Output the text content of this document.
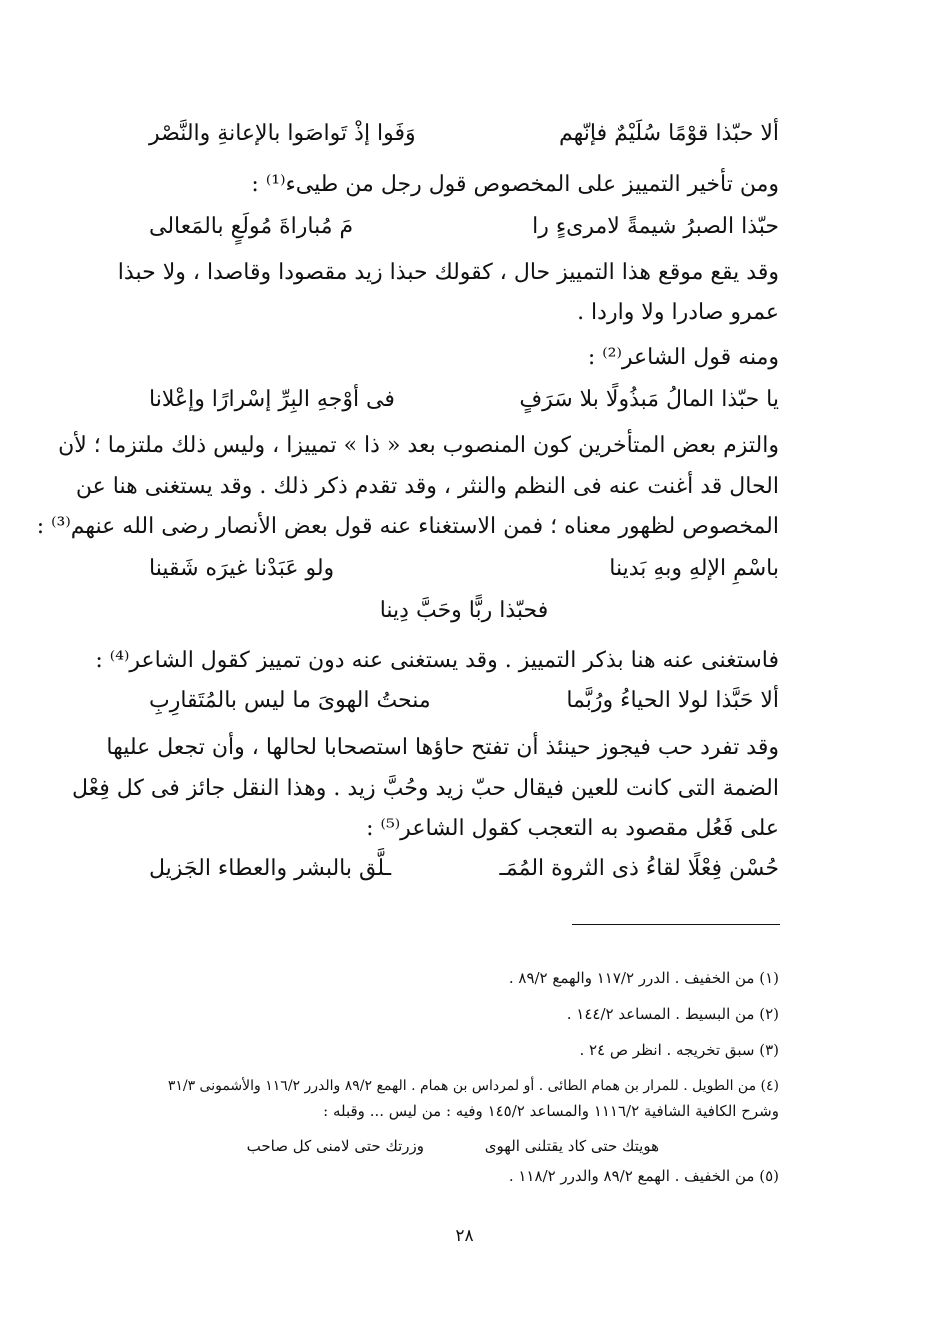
ألا حبّذا قوْمًا سُلَيْمٌ فإنّهم
وَفَوا إذْ تَواصَوا بالإعانةِ والنَّصْر
ومن تأخير التمييز على المخصوص قول رجل من طيىء⁽¹⁾ :
حبّذا الصبرُ شيمةً لامرىءٍ را
مَ مُباراةَ مُولَعٍ بالمَعالى
وقد يقع موقع هذا التمييز حال ، كقولك حبذا زيد مقصودا وقاصدا ، ولا حبذا
عمرو صادرا ولا واردا .
ومنه قول الشاعر⁽²⁾ :
يا حبّذا المالُ مَبذُولًا بلا سَرَفٍ
فى أوْجهِ البِرِّ إسْرارًا وإعْلانا
والتزم بعض المتأخرين كون المنصوب بعد « ذا » تمييزا ، وليس ذلك ملتزما ؛ لأن
الحال قد أغنت عنه فى النظم والنثر ، وقد تقدم ذكر ذلك . وقد يستغنى هنا عن
المخصوص لظهور معناه ؛ فمن الاستغناء عنه قول بعض الأنصار رضى الله عنهم⁽³⁾ :
باسْمِ الإلهِ وبهِ بَدينا
ولو عَبَدْنا غيرَه شَقينا
فحبّذا ربًّا وحَبَّ دِينا
فاستغنى عنه هنا بذكر التمييز . وقد يستغنى عنه دون تمييز كقول الشاعر⁽⁴⁾ :
ألا حَبَّذا لولا الحياءُ ورُبَّما
منحتُ الهوىَ ما ليس بالمُتَقارِبِ
وقد تفرد حب فيجوز حينئذ أن تفتح حاؤها استصحابا لحالها ، وأن تجعل عليها
الضمة التى كانت للعين فيقال حبّ زيد وحُبَّ زيد . وهذا النقل جائز فى كل فِعْل
على فَعُل مقصود به التعجب كقول الشاعر⁽⁵⁾ :
حُسْن فِعْلًا لقاءُ ذى الثروة المُمَـ
ـلَّق بالبشر والعطاء الجَزيل
(١) من الخفيف . الدرر ١١٧/٢ والهمع ٨٩/٢ .
(٢) من البسيط . المساعد ١٤٤/٢ .
(٣) سبق تخريجه . انظر ص ٢٤ .
(٤) من الطويل . للمرار بن همام الطائى . أو لمرداس بن همام . الهمع ٨٩/٢ والدرر ١١٦/٢ والأشمونى ٣١/٣
وشرح الكافية الشافية ١١١٦/٢ والمساعد ١٤٥/٢ وفيه : من ليس ... وقبله :
هويتك حتى كاد يقتلنى الهوى
وزرتك حتى لامنى كل صاحب
(٥) من الخفيف . الهمع ٨٩/٢ والدرر ١١٨/٢ .
٢٨
